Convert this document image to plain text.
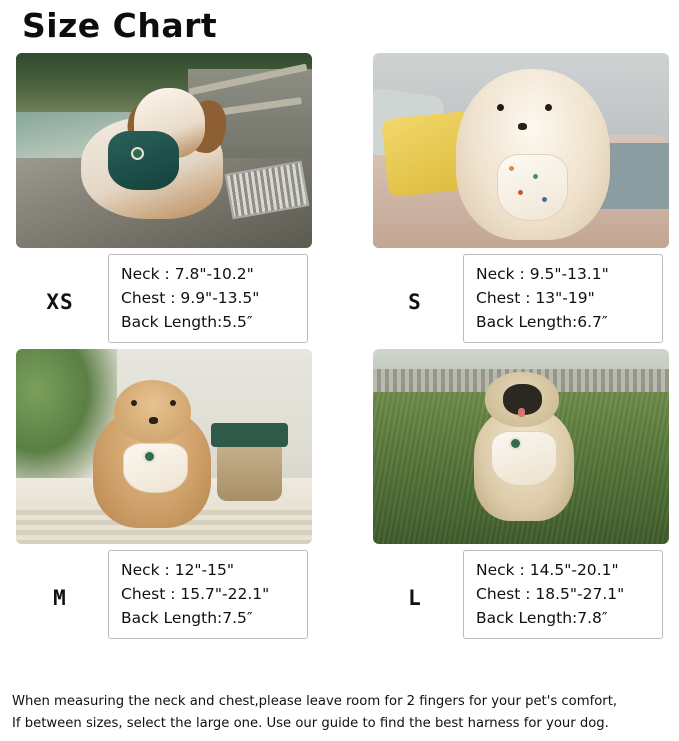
Size Chart
XS
Neck : 7.8"-10.2"
Chest : 9.9"-13.5"
Back Length:5.5″
S
Neck : 9.5"-13.1"
Chest : 13"-19"
Back Length:6.7″
M
Neck : 12"-15"
Chest : 15.7"-22.1"
Back Length:7.5″
L
Neck : 14.5"-20.1"
Chest : 18.5"-27.1"
Back Length:7.8″
When measuring the neck and chest,please leave room for 2 fingers for your pet's comfort,
If between sizes, select the large one. Use our guide to find the best harness for your dog.
